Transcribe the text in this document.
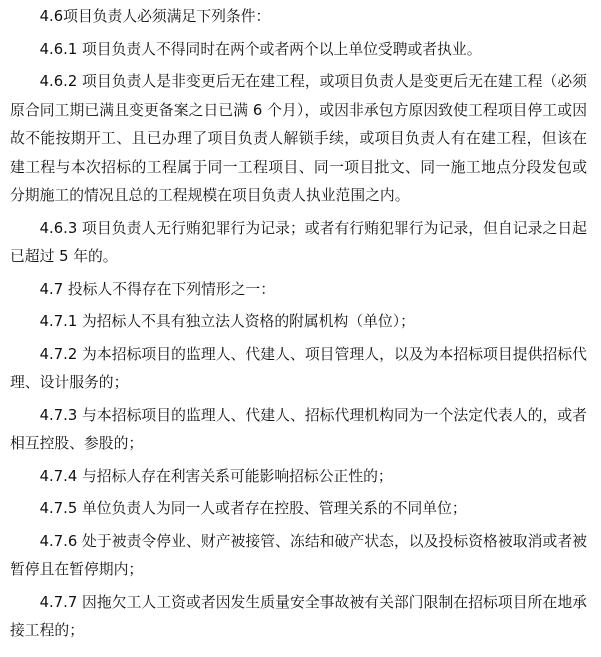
4.6项目负责人必须满足下列条件：

4.6.1 项目负责人不得同时在两个或者两个以上单位受聘或者执业。

4.6.2 项目负责人是非变更后无在建工程，或项目负责人是变更后无在建工程（必须原合同工期已满且变更备案之日已满 6 个月），或因非承包方原因致使工程项目停工或因故不能按期开工、且已办理了项目负责人解锁手续，或项目负责人有在建工程，但该在建工程与本次招标的工程属于同一工程项目、同一项目批文、同一施工地点分段发包或分期施工的情况且总的工程规模在项目负责人执业范围之内。

4.6.3 项目负责人无行贿犯罪行为记录；或者有行贿犯罪行为记录，但自记录之日起已超过 5 年的。

4.7 投标人不得存在下列情形之一：

4.7.1 为招标人不具有独立法人资格的附属机构（单位）；

4.7.2 为本招标项目的监理人、代建人、项目管理人，以及为本招标项目提供招标代理、设计服务的；

4.7.3 与本招标项目的监理人、代建人、招标代理机构同为一个法定代表人的，或者相互控股、参股的；

4.7.4 与招标人存在利害关系可能影响招标公正性的；

4.7.5 单位负责人为同一人或者存在控股、管理关系的不同单位；

4.7.6 处于被责令停业、财产被接管、冻结和破产状态，以及投标资格被取消或者被暂停且在暂停期内；

4.7.7 因拖欠工人工资或者因发生质量安全事故被有关部门限制在招标项目所在地承接工程的；
